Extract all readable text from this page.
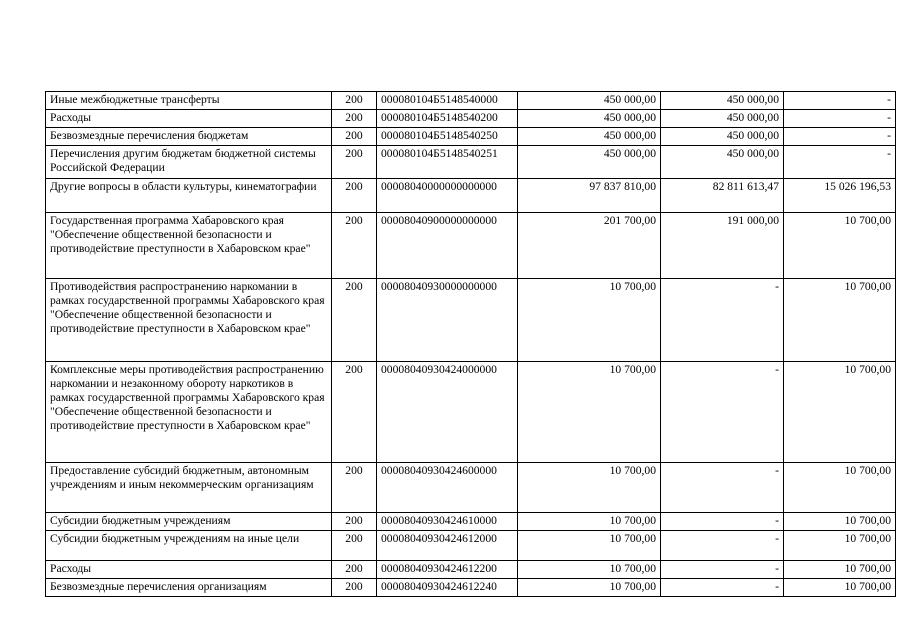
Иные межбюджетные трансферты	200	000080104Б5148540000	450 000,00	450 000,00	-
Расходы	200	000080104Б5148540200	450 000,00	450 000,00	-
Безвозмездные перечисления бюджетам	200	000080104Б5148540250	450 000,00	450 000,00	-
Перечисления другим бюджетам бюджетной системы Российской Федерации	200	000080104Б5148540251	450 000,00	450 000,00	-
Другие вопросы в области культуры, кинематографии	200	00008040000000000000	97 837 810,00	82 811 613,47	15 026 196,53
Государственная программа Хабаровского края "Обеспечение общественной безопасности и противодействие преступности в Хабаровском крае"	200	00008040900000000000	201 700,00	191 000,00	10 700,00
Противодействия распространению наркомании в рамках государственной программы Хабаровского края "Обеспечение общественной безопасности и противодействие преступности в Хабаровском крае"	200	00008040930000000000	10 700,00	-	10 700,00
Комплексные меры противодействия распространению наркомании и незаконному обороту наркотиков в рамках государственной программы Хабаровского края "Обеспечение общественной безопасности и противодействие преступности в Хабаровском крае"	200	00008040930424000000	10 700,00	-	10 700,00
Предоставление субсидий бюджетным, автономным учреждениям и иным некоммерческим организациям	200	00008040930424600000	10 700,00	-	10 700,00
Субсидии бюджетным учреждениям	200	00008040930424610000	10 700,00	-	10 700,00
Субсидии бюджетным учреждениям на иные цели	200	00008040930424612000	10 700,00	-	10 700,00
Расходы	200	00008040930424612200	10 700,00	-	10 700,00
Безвозмездные перечисления организациям	200	00008040930424612240	10 700,00	-	10 700,00
